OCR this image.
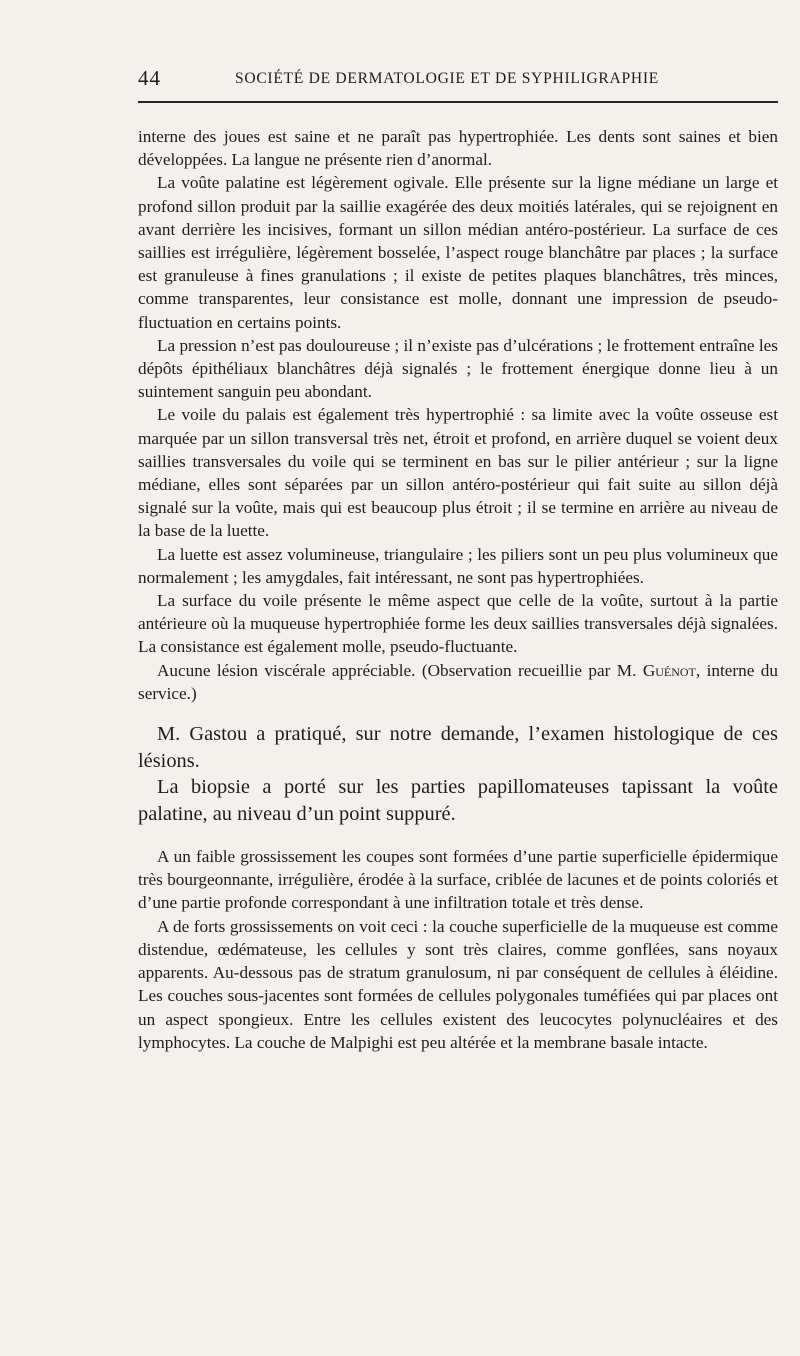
44	SOCIÉTÉ DE DERMATOLOGIE ET DE SYPHILIGRAPHIE

interne des joues est saine et ne paraît pas hypertrophiée. Les dents sont saines et bien développées. La langue ne présente rien d’anormal.

La voûte palatine est légèrement ogivale. Elle présente sur la ligne médiane un large et profond sillon produit par la saillie exagérée des deux moitiés latérales, qui se rejoignent en avant derrière les incisives, formant un sillon médian antéro-postérieur. La surface de ces saillies est irrégulière, légèrement bosselée, l’aspect rouge blanchâtre par places ; la surface est granuleuse à fines granulations ; il existe de petites plaques blanchâtres, très minces, comme transparentes, leur consistance est molle, donnant une impression de pseudo-fluctuation en certains points.

La pression n’est pas douloureuse ; il n’existe pas d’ulcérations ; le frottement entraîne les dépôts épithéliaux blanchâtres déjà signalés ; le frottement énergique donne lieu à un suintement sanguin peu abondant.

Le voile du palais est également très hypertrophié : sa limite avec la voûte osseuse est marquée par un sillon transversal très net, étroit et profond, en arrière duquel se voient deux saillies transversales du voile qui se terminent en bas sur le pilier antérieur ; sur la ligne médiane, elles sont séparées par un sillon antéro-postérieur qui fait suite au sillon déjà signalé sur la voûte, mais qui est beaucoup plus étroit ; il se termine en arrière au niveau de la base de la luette.

La luette est assez volumineuse, triangulaire ; les piliers sont un peu plus volumineux que normalement ; les amygdales, fait intéressant, ne sont pas hypertrophiées.

La surface du voile présente le même aspect que celle de la voûte, surtout à la partie antérieure où la muqueuse hypertrophiée forme les deux saillies transversales déjà signalées. La consistance est également molle, pseudo-fluctuante.

Aucune lésion viscérale appréciable. (Observation recueillie par M. Guénot, interne du service.)

M. Gastou a pratiqué, sur notre demande, l’examen histologique de ces lésions.

La biopsie a porté sur les parties papillomateuses tapissant la voûte palatine, au niveau d’un point suppuré.

A un faible grossissement les coupes sont formées d’une partie superficielle épidermique très bourgeonnante, irrégulière, érodée à la surface, criblée de lacunes et de points coloriés et d’une partie profonde correspondant à une infiltration totale et très dense.

A de forts grossissements on voit ceci : la couche superficielle de la muqueuse est comme distendue, œdémateuse, les cellules y sont très claires, comme gonflées, sans noyaux apparents. Au-dessous pas de stratum granulosum, ni par conséquent de cellules à éléidine. Les couches sous-jacentes sont formées de cellules polygonales tuméfiées qui par places ont un aspect spongieux. Entre les cellules existent des leucocytes polynucléaires et des lymphocytes. La couche de Malpighi est peu altérée et la membrane basale intacte.
